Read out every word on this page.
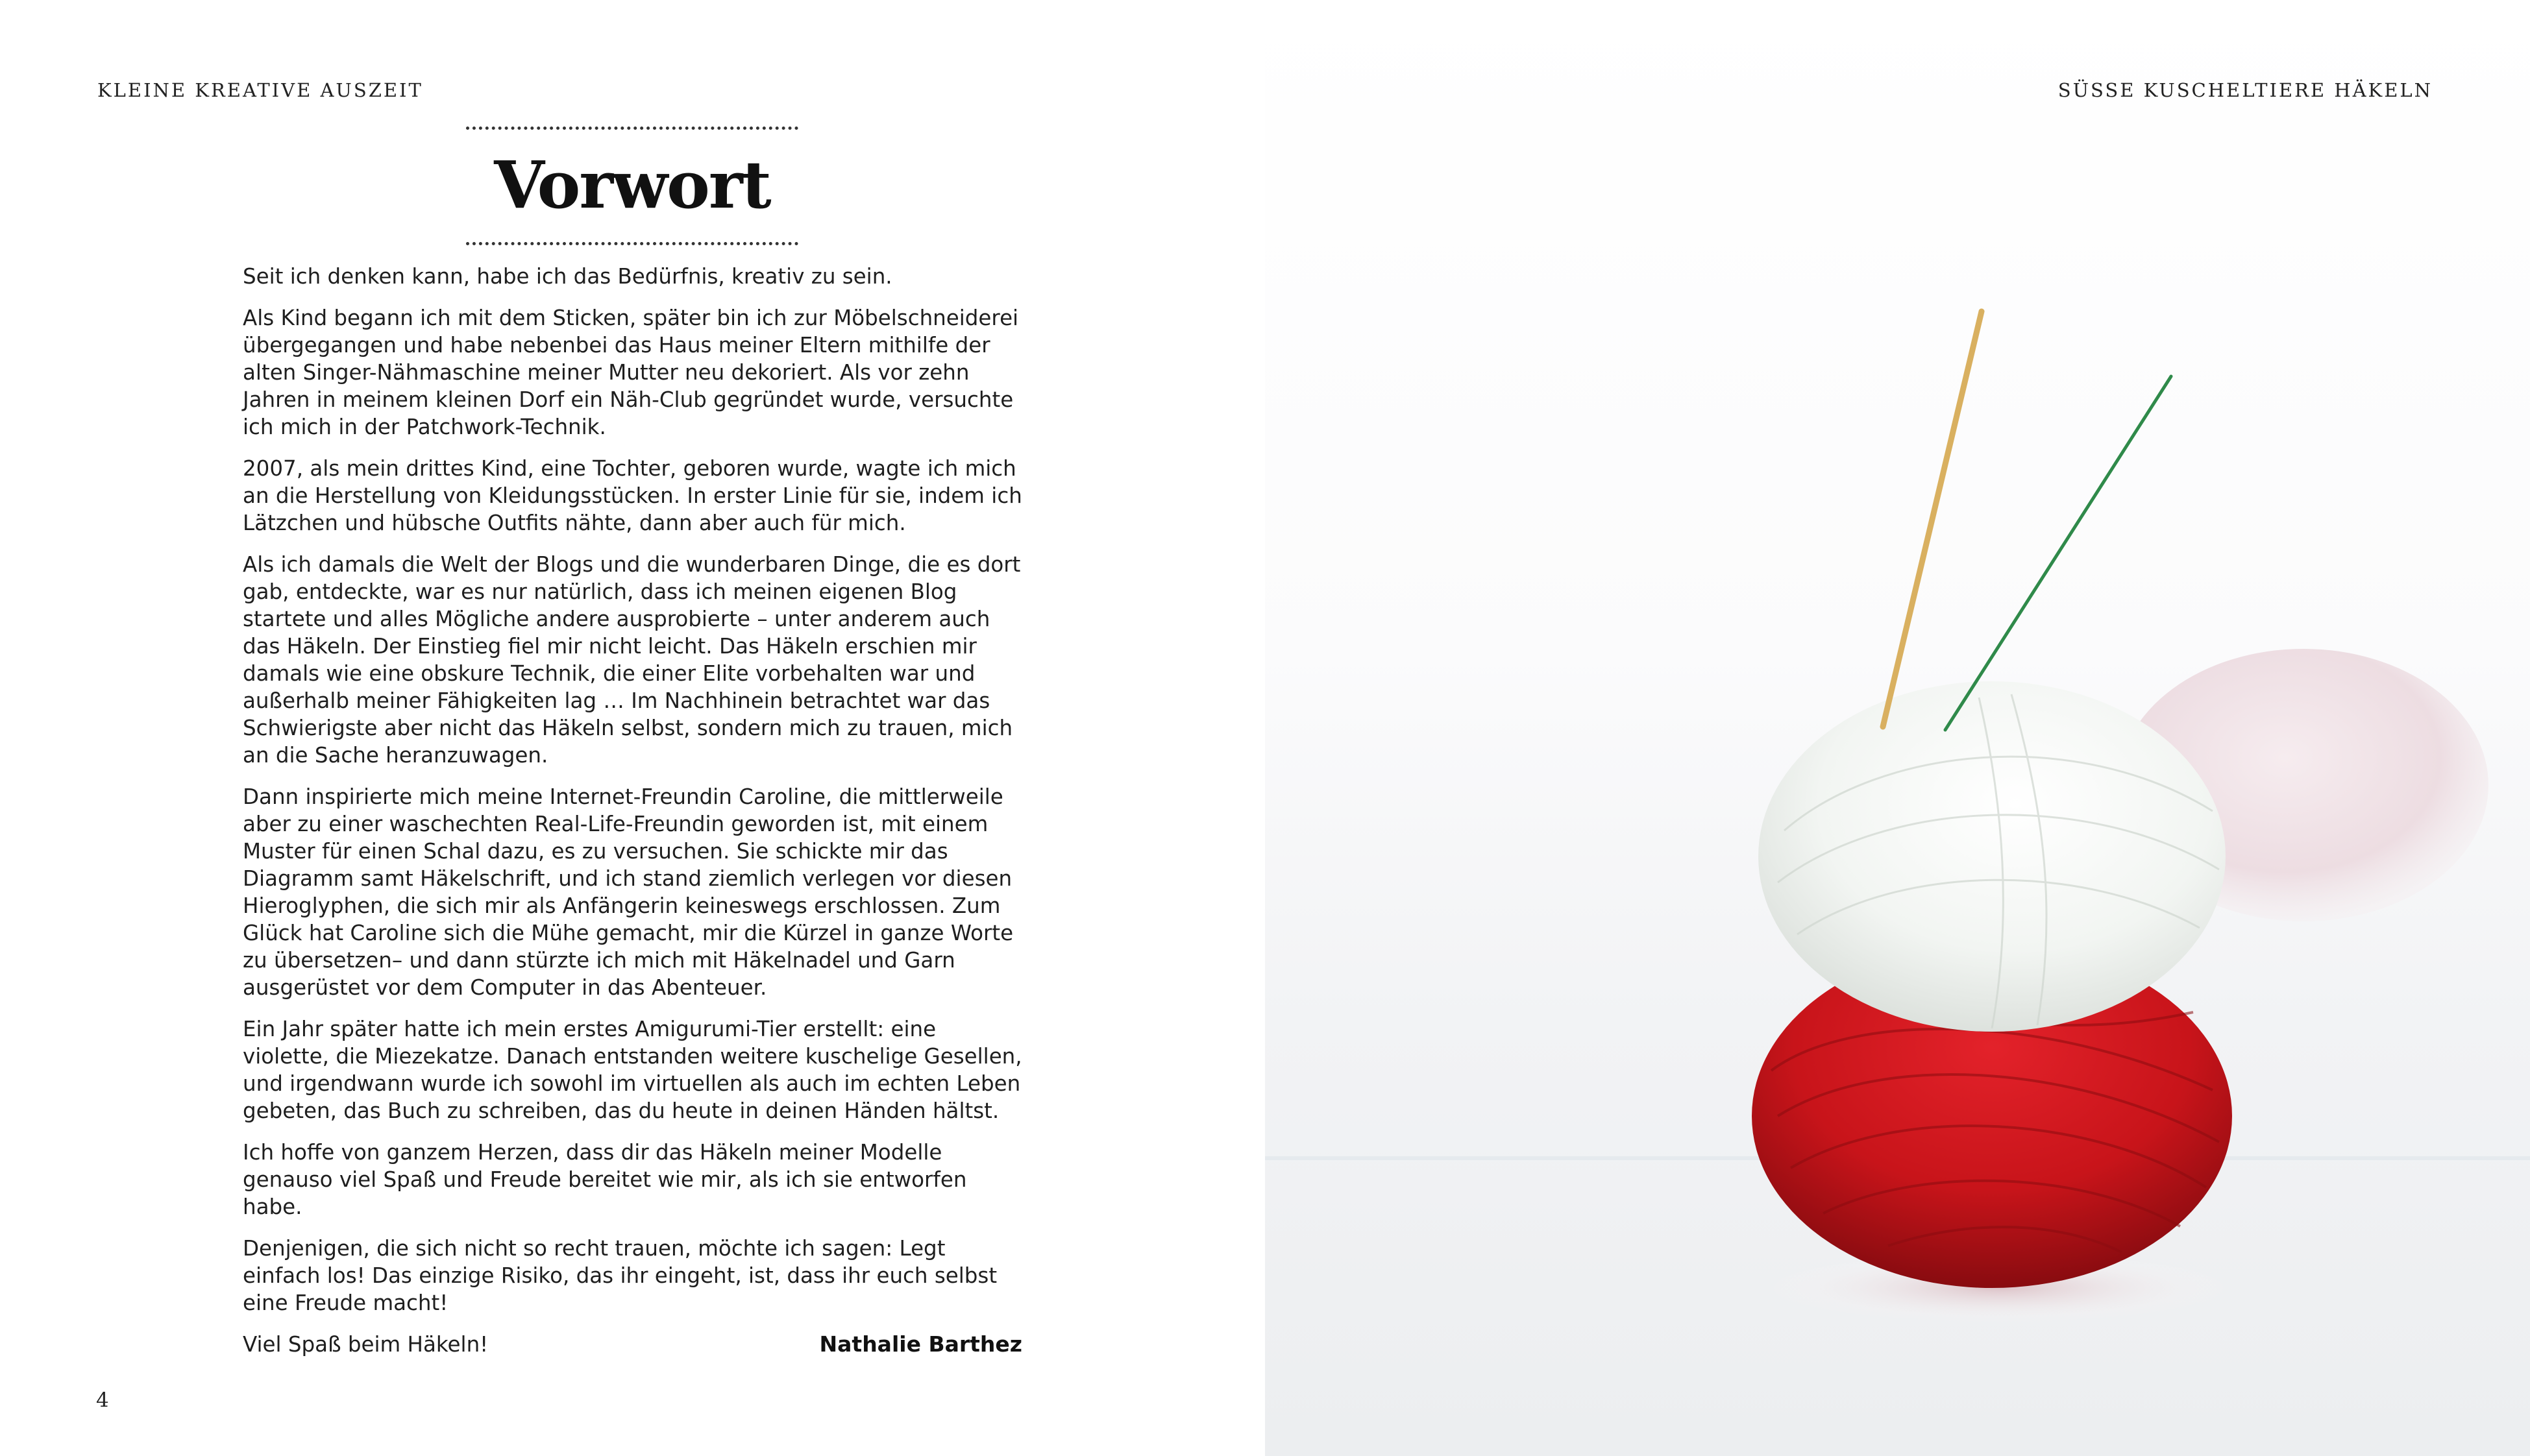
KLEINE KREATIVE AUSZEIT
Vorwort

Seit ich denken kann, habe ich das Bedürfnis, kreativ zu sein.

Als Kind begann ich mit dem Sticken, später bin ich zur Möbelschneiderei übergegangen und habe nebenbei das Haus meiner Eltern mithilfe der alten Singer-Nähmaschine meiner Mutter neu dekoriert. Als vor zehn Jahren in meinem kleinen Dorf ein Näh-Club gegründet wurde, versuchte ich mich in der Patchwork-Technik.

2007, als mein drittes Kind, eine Tochter, geboren wurde, wagte ich mich an die Herstellung von Kleidungsstücken. In erster Linie für sie, indem ich Lätzchen und hübsche Outfits nähte, dann aber auch für mich.

Als ich damals die Welt der Blogs und die wunderbaren Dinge, die es dort gab, entdeckte, war es nur natürlich, dass ich meinen eigenen Blog startete und alles Mögliche andere ausprobierte – unter anderem auch das Häkeln. Der Einstieg fiel mir nicht leicht. Das Häkeln erschien mir damals wie eine obskure Technik, die einer Elite vorbehalten war und außerhalb meiner Fähigkeiten lag … Im Nachhinein betrachtet war das Schwierigste aber nicht das Häkeln selbst, sondern mich zu trauen, mich an die Sache heranzuwagen.

Dann inspirierte mich meine Internet-Freundin Caroline, die mittlerweile aber zu einer waschechten Real-Life-Freundin geworden ist, mit einem Muster für einen Schal dazu, es zu versuchen. Sie schickte mir das Diagramm samt Häkelschrift, und ich stand ziemlich verlegen vor diesen Hieroglyphen, die sich mir als Anfängerin keineswegs erschlossen. Zum Glück hat Caroline sich die Mühe gemacht, mir die Kürzel in ganze Worte zu übersetzen– und dann stürzte ich mich mit Häkelnadel und Garn ausgerüstet vor dem Computer in das Abenteuer.

Ein Jahr später hatte ich mein erstes Amigurumi-Tier erstellt: eine violette, die Miezekatze. Danach entstanden weitere kuschelige Gesellen, und irgendwann wurde ich sowohl im virtuellen als auch im echten Leben gebeten, das Buch zu schreiben, das du heute in deinen Händen hältst.

Ich hoffe von ganzem Herzen, dass dir das Häkeln meiner Modelle genauso viel Spaß und Freude bereitet wie mir, als ich sie entworfen habe.

Denjenigen, die sich nicht so recht trauen, möchte ich sagen: Legt einfach los! Das einzige Risiko, das ihr eingeht, ist, dass ihr euch selbst eine Freude macht!

Viel Spaß beim Häkeln!	Nathalie Barthez
4
SÜSSE KUSCHELTIERE HÄKELN
